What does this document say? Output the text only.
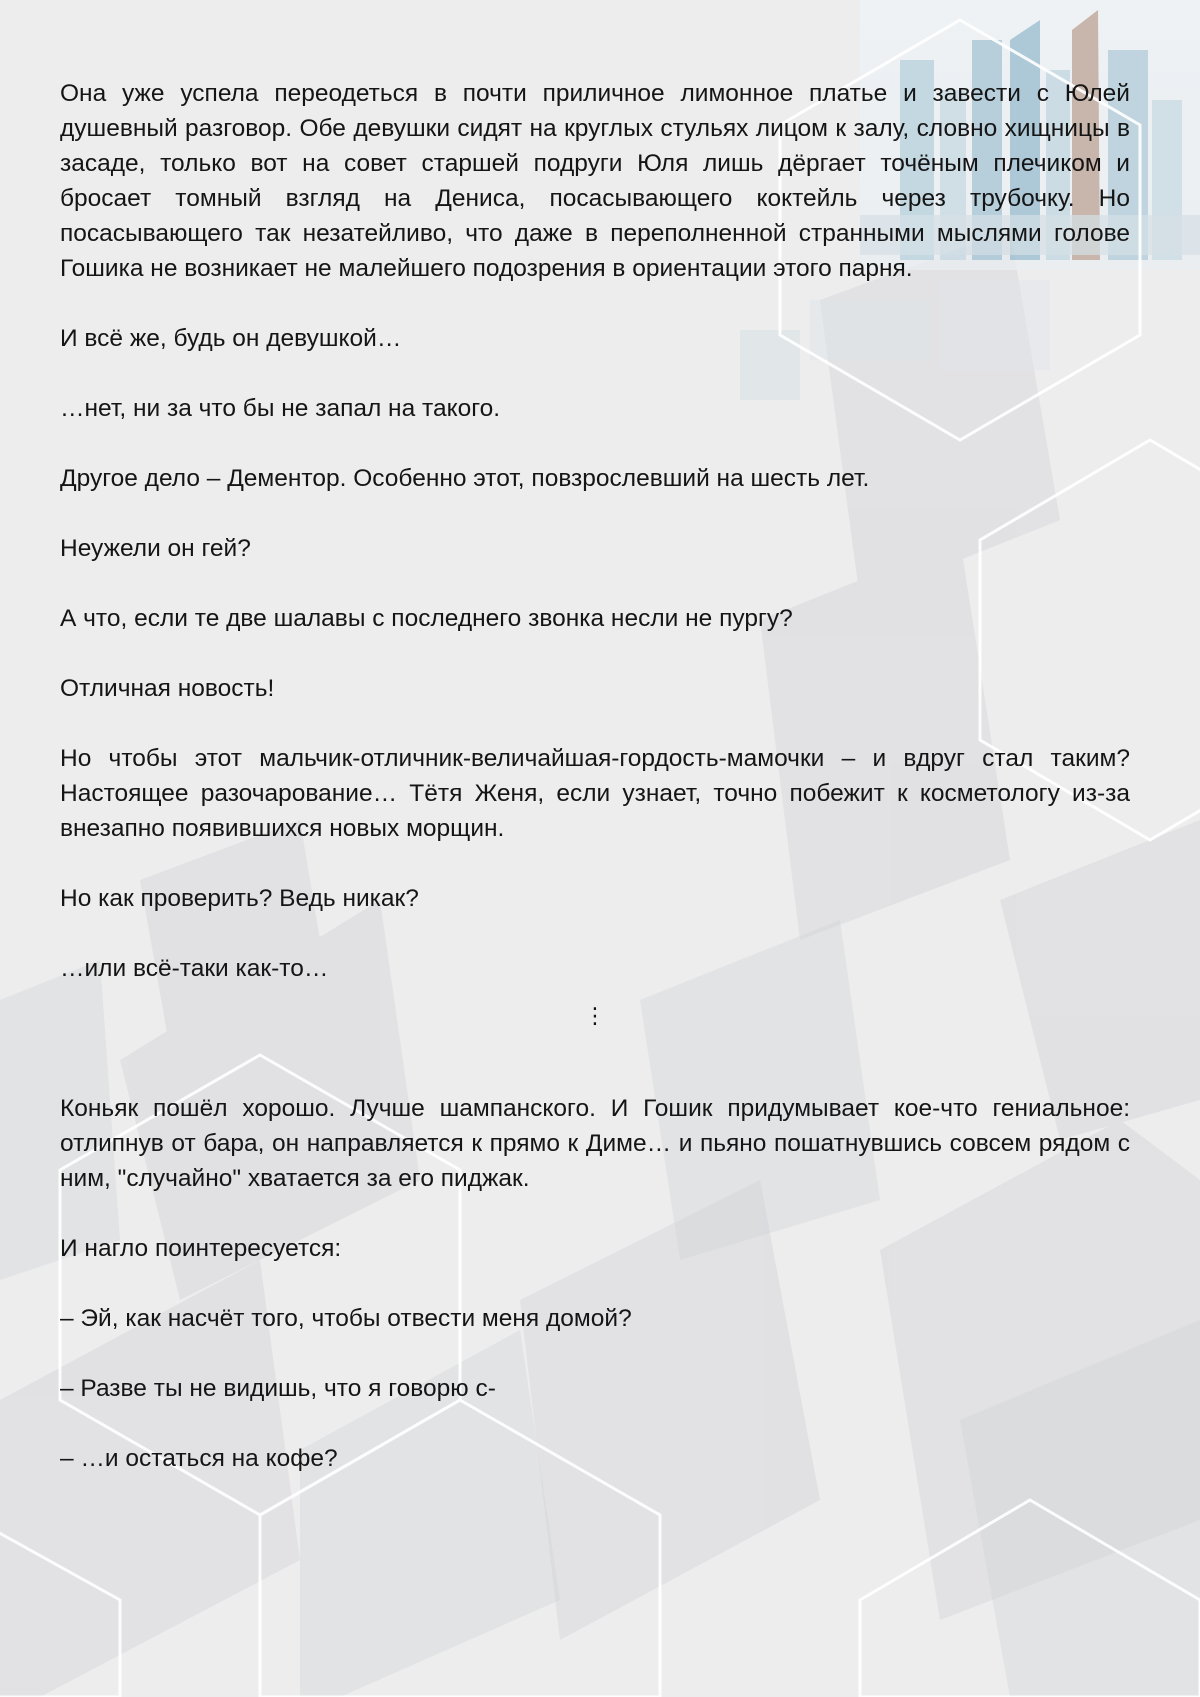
Она уже успела переодеться в почти приличное лимонное платье и завести с Юлей душевный разговор. Обе девушки сидят на круглых стульях лицом к залу, словно хищницы в засаде, только вот на совет старшей подруги Юля лишь дёргает точёным плечиком и бросает томный взгляд на Дениса, посасывающего коктейль через трубочку. Но посасывающего так незатейливо, что даже в переполненной странными мыслями голове Гошика не возникает не малейшего подозрения в ориентации этого парня.

И всё же, будь он девушкой…

…нет, ни за что бы не запал на такого.

Другое дело – Дементор. Особенно этот, повзрослевший на шесть лет.

Неужели он гей?

А что, если те две шалавы с последнего звонка несли не пургу?

Отличная новость!

Но чтобы этот мальчик-отличник-величайшая-гордость-мамочки – и вдруг стал таким? Настоящее разочарование… Тётя Женя, если узнает, точно побежит к косметологу из-за внезапно появившихся новых морщин.

Но как проверить? Ведь никак?

…или всё-таки как-то…

⋮

Коньяк пошёл хорошо. Лучше шампанского. И Гошик придумывает кое-что гениальное: отлипнув от бара, он направляется к прямо к Диме… и пьяно пошатнувшись совсем рядом с ним, "случайно" хватается за его пиджак.

И нагло поинтересуется:

– Эй, как насчёт того, чтобы отвести меня домой?

– Разве ты не видишь, что я говорю с-

– …и остаться на кофе?
